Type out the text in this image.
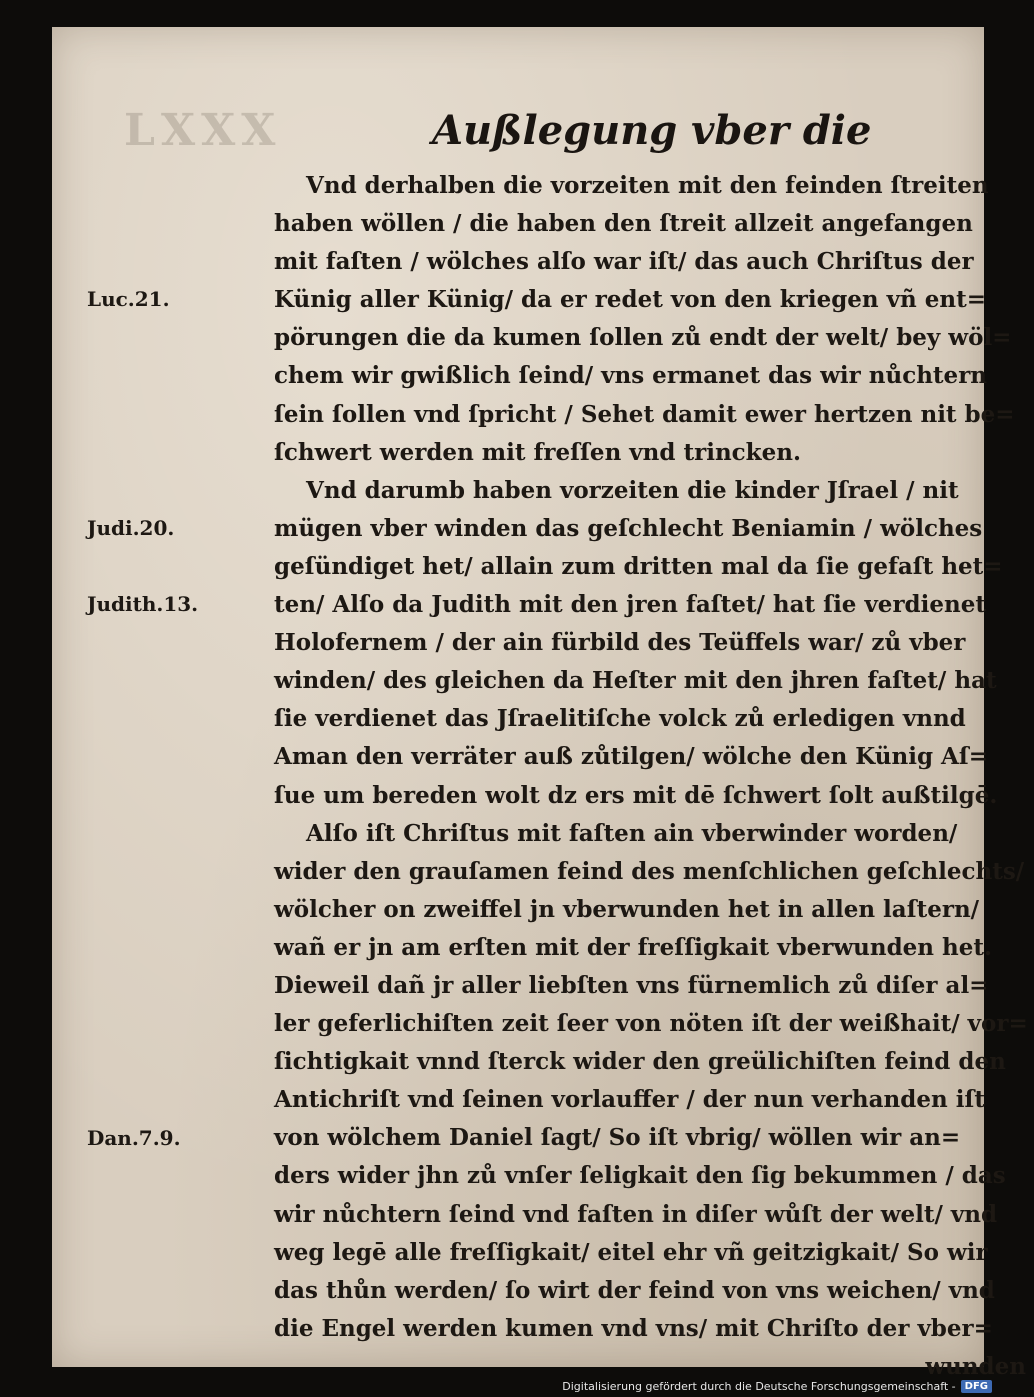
LXXX	Außlegung vber die
Vnd derhalben die vorzeiten mit den feinden ſtreiten
haben wöllen / die haben den ſtreit allzeit angefangen
mit faſten / wölches alſo war iſt/ das auch Chriſtus der
Künig aller Künig/ da er redet von den kriegen vñ ent=
pörungen die da kumen ſollen zů endt der welt/ bey wöl=
chem wir gwißlich ſeind/ vns ermanet das wir nůchtern
ſein ſollen vnd ſpricht / Sehet damit ewer hertzen nit be=
ſchwert werden mit freſſen vnd trincken.
Vnd darumb haben vorzeiten die kinder Jſrael / nit
mügen vber winden das geſchlecht Beniamin / wölches
geſündiget het/ allain zum dritten mal da ſie gefaſt het=
ten/ Alſo da Judith mit den jren faſtet/ hat ſie verdienet
Holofernem / der ain fürbild des Teüffels war/ zů vber
winden/ des gleichen da Heſter mit den jhren faſtet/ hat
ſie verdienet das Jſraelitiſche volck zů erledigen vnnd
Aman den verräter auß zůtilgen/ wölche den Künig Aſ=
ſue um bereden wolt dz ers mit dē ſchwert ſolt außtilgē.
Alſo iſt Chriſtus mit faſten ain vberwinder worden/
wider den grauſamen feind des menſchlichen geſchlechts/
wölcher on zweiffel jn vberwunden het in allen laſtern/
wañ er jn am erſten mit der freſſigkait vberwunden het.
Dieweil dañ jr aller liebſten vns fürnemlich zů diſer al=
ler geferlichiſten zeit ſeer von nöten iſt der weißhait/ vor=
ſichtigkait vnnd ſterck wider den greülichiſten feind den
Antichriſt vnd ſeinen vorlauffer / der nun verhanden iſt
von wölchem Daniel ſagt/ So iſt vbrig/ wöllen wir an=
ders wider jhn zů vnſer ſeligkait den ſig bekummen / das
wir nůchtern ſeind vnd faſten in diſer wůſt der welt/ vnd
weg legē alle freſſigkait/ eitel ehr vñ geitzigkait/ So wir
das thůn werden/ ſo wirt der feind von vns weichen/ vnd
die Engel werden kumen vnd vns/ mit Chriſto der vber=
wunden
Luc.21.
Judi.20.
Judith.13.
Dan.7.9.
Digitalisierung gefördert durch die Deutsche Forschungsgemeinschaft - DFG
